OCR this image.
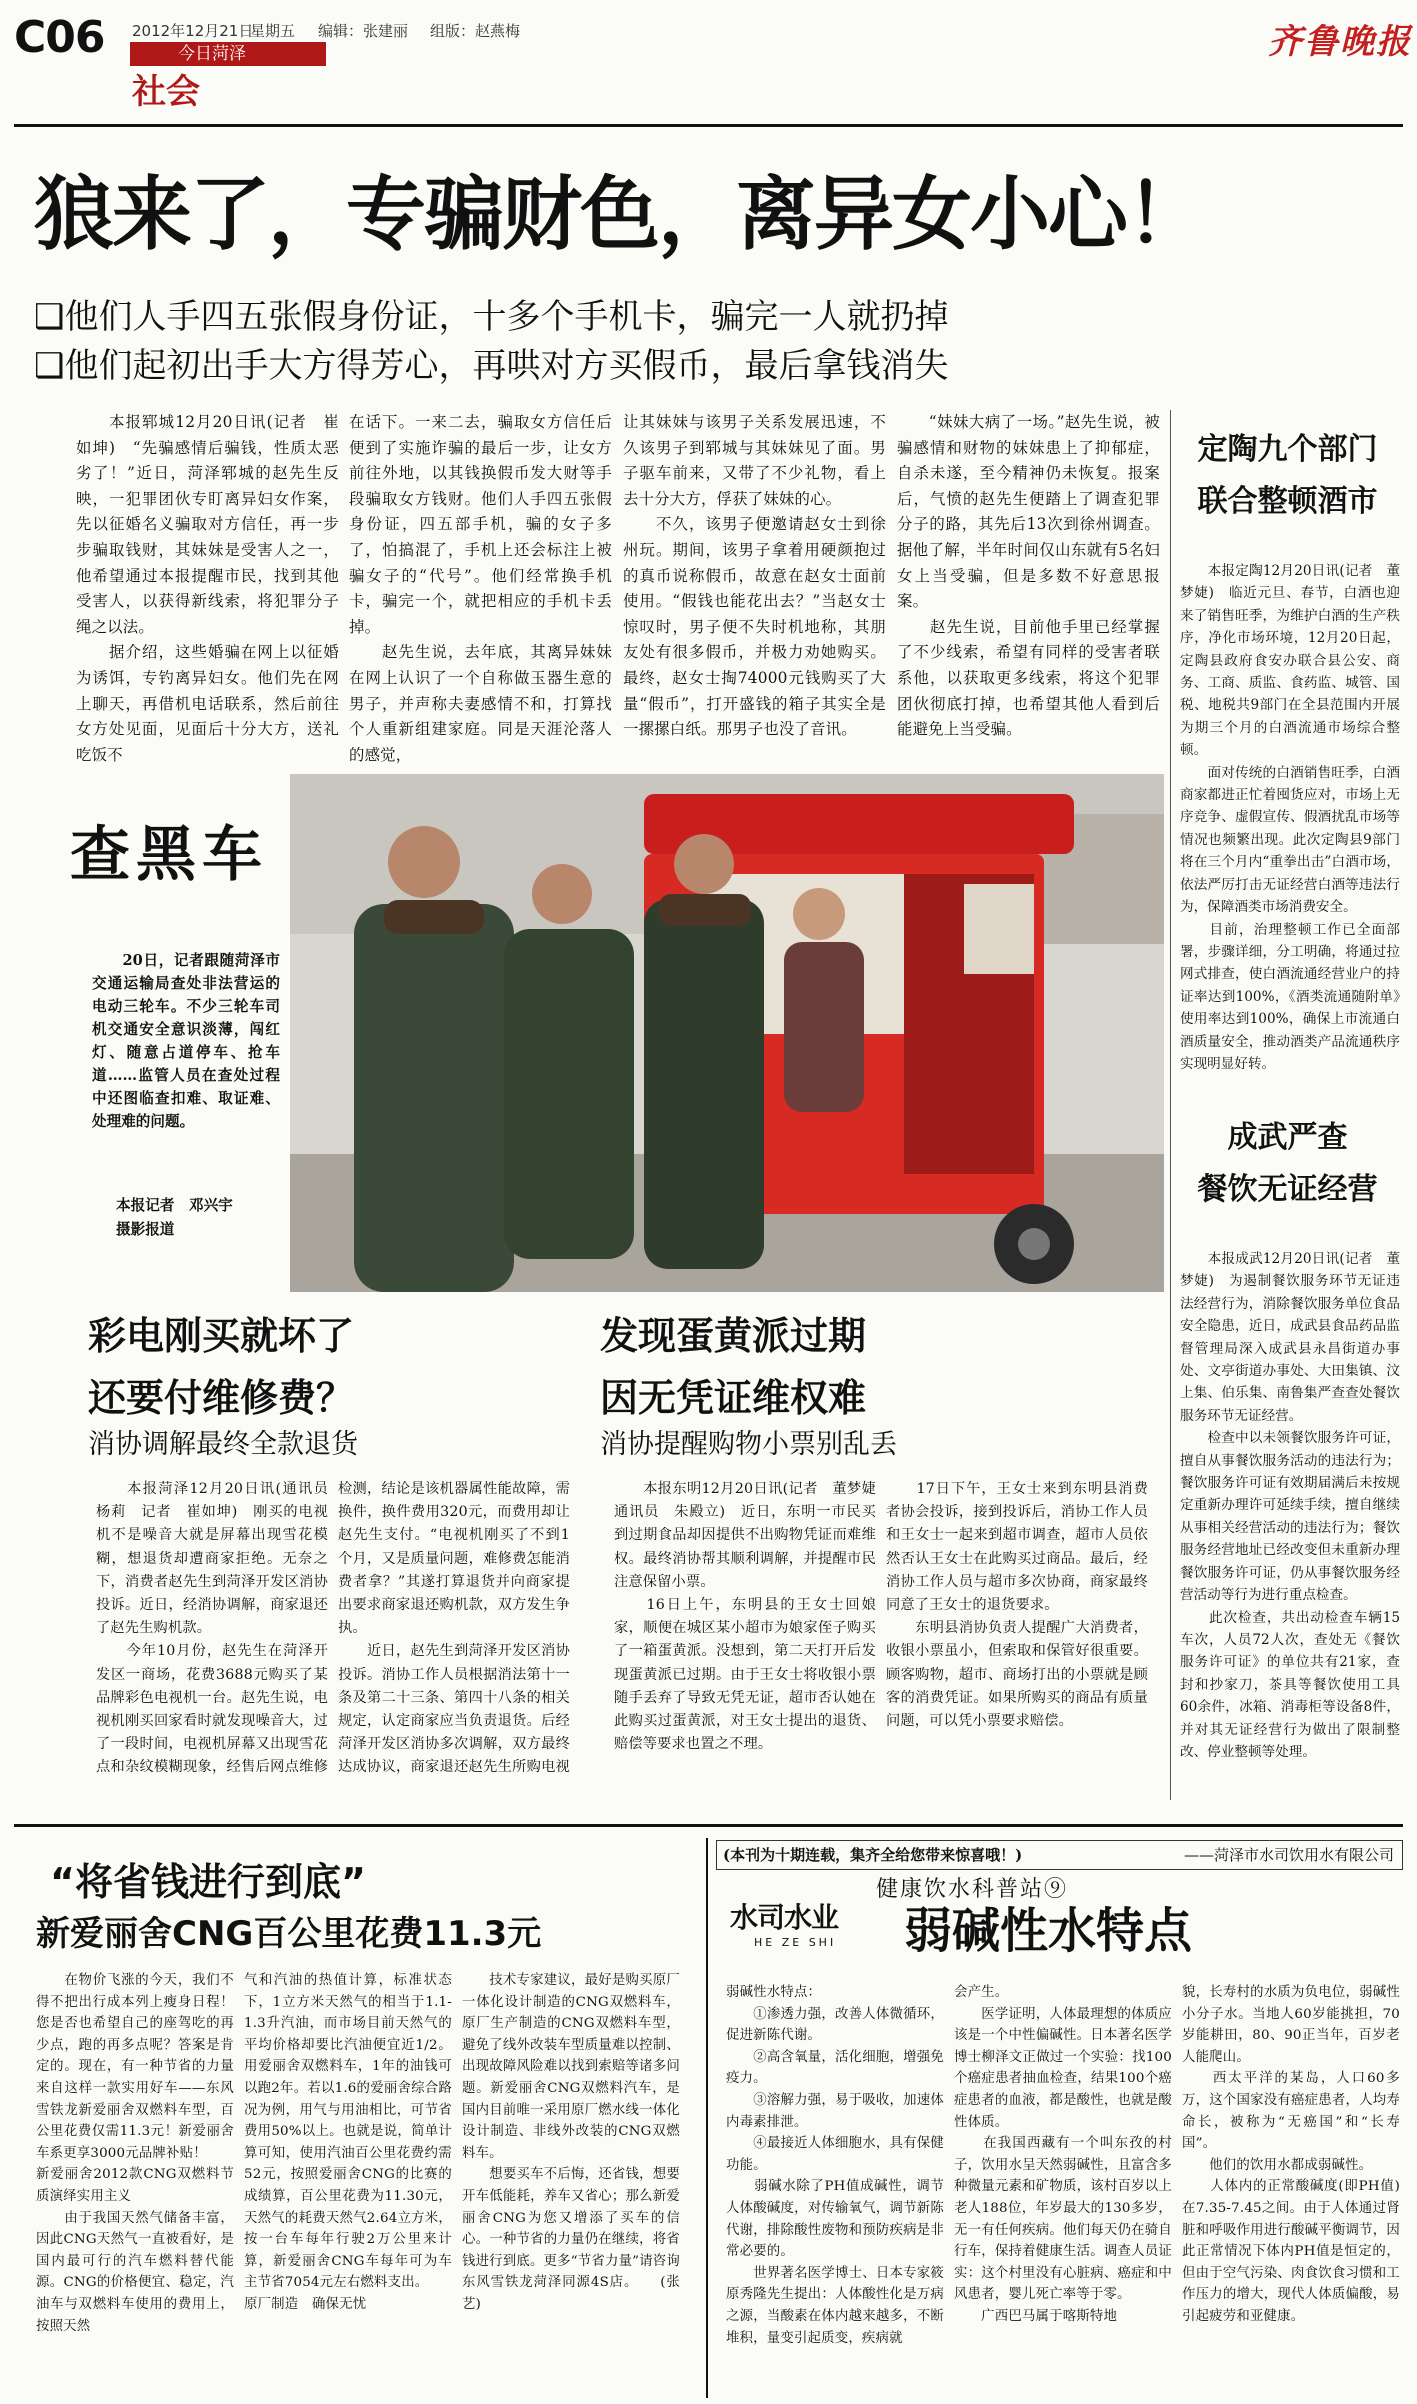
C06 2012年12月21日
星期五 编辑：张建丽 组版：赵燕梅
今日菏泽
社会
齐鲁晚报
狼来了，专骗财色，离异女小心！
❑他们人手四五张假身份证，十多个手机卡，骗完一人就扔掉
❑他们起初出手大方得芳心，再哄对方买假币，最后拿钱消失
　　本报郓城12月20日讯(记者　崔如坤)　“先骗感情后骗钱，性质太恶劣了！”近日，菏泽郓城的赵先生反映，一犯罪团伙专盯离异妇女作案，先以征婚名义骗取对方信任，再一步步骗取钱财，其妹妹是受害人之一，他希望通过本报提醒市民，找到其他受害人，以获得新线索，将犯罪分子绳之以法。
　　据介绍，这些婚骗在网上以征婚为诱饵，专钓离异妇女。他们先在网上聊天，再借机电话联系，然后前往女方处见面，见面后十分大方，送礼吃饭不
在话下。一来二去，骗取女方信任后便到了实施诈骗的最后一步，让女方前往外地，以其钱换假币发大财等手段骗取女方钱财。他们人手四五张假身份证，四五部手机，骗的女子多了，怕搞混了，手机上还会标注上被骗女子的“代号”。他们经常换手机卡，骗完一个，就把相应的手机卡丢掉。
　　赵先生说，去年底，其离异妹妹在网上认识了一个自称做玉器生意的男子，并声称夫妻感情不和，打算找个人重新组建家庭。同是天涯沦落人的感觉，
让其妹妹与该男子关系发展迅速，不久该男子到郓城与其妹妹见了面。男子驱车前来，又带了不少礼物，看上去十分大方，俘获了妹妹的心。
　　不久，该男子便邀请赵女士到徐州玩。期间，该男子拿着用硬颜抱过的真币说称假币，故意在赵女士面前使用。“假钱也能花出去？”当赵女士惊叹时，男子便不失时机地称，其朋友处有很多假币，并极力劝她购买。最终，赵女士掏74000元钱购买了大量“假币”，打开盛钱的箱子其实全是一摞摞白纸。那男子也没了音讯。
　　“妹妹大病了一场。”赵先生说，被骗感情和财物的妹妹患上了抑郁症，自杀未遂，至今精神仍未恢复。报案后，气愤的赵先生便踏上了调查犯罪分子的路，其先后13次到徐州调查。据他了解，半年时间仅山东就有5名妇女上当受骗，但是多数不好意思报案。
　　赵先生说，目前他手里已经掌握了不少线索，希望有同样的受害者联系他，以获取更多线索，将这个犯罪团伙彻底打掉，也希望其他人看到后能避免上当受骗。
定陶九个部门
联合整顿酒市
　　本报定陶12月20日讯(记者　董梦婕)　临近元旦、春节，白酒也迎来了销售旺季，为维护白酒的生产秩序，净化市场环境，12月20日起，定陶县政府食安办联合县公安、商务、工商、质监、食药监、城管、国税、地税共9部门在全县范围内开展为期三个月的白酒流通市场综合整顿。
　　面对传统的白酒销售旺季，白酒商家都进正忙着囤货应对，市场上无序竞争、虚假宣传、假酒扰乱市场等情况也频繁出现。此次定陶县9部门将在三个月内“重拳出击”白酒市场，依法严厉打击无证经营白酒等违法行为，保障酒类市场消费安全。
　　目前，治理整顿工作已全面部署，步骤详细，分工明确，将通过拉网式排查，使白酒流通经营业户的持证率达到100%，《酒类流通随附单》使用率达到100%，确保上市流通白酒质量安全，推动酒类产品流通秩序实现明显好转。
成武严查
餐饮无证经营
　　本报成武12月20日讯(记者　董梦婕)　为遏制餐饮服务环节无证违法经营行为，消除餐饮服务单位食品安全隐患，近日，成武县食品药品监督管理局深入成武县永昌街道办事处、文亭街道办事处、大田集镇、汶上集、伯乐集、南鲁集严查查处餐饮服务环节无证经营。
　　检查中以未领餐饮服务许可证，擅自从事餐饮服务活动的违法行为；餐饮服务许可证有效期届满后未按规定重新办理许可延续手续，擅自继续从事相关经营活动的违法行为；餐饮服务经营地址已经改变但未重新办理餐饮服务许可证，仍从事餐饮服务经营活动等行为进行重点检查。
　　此次检查，共出动检查车辆15车次，人员72人次，查处无《餐饮服务许可证》的单位共有21家，查封和抄家刀，茶具等餐饮使用工具60余件，冰箱、消毒柜等设备8件，并对其无证经营行为做出了限制整改、停业整顿等处理。
查黑车
　　20日，记者跟随菏泽市交通运输局查处非法营运的电动三轮车。不少三轮车司机交通安全意识淡薄，闯红灯、随意占道停车、抢车道……监管人员在查处过程中还图临查扣难、取证难、处理难的问题。
本报记者　邓兴宇
摄影报道
彩电刚买就坏了
还要付维修费？
消协调解最终全款退货
　　本报菏泽12月20日讯(通讯员　杨莉　记者　崔如坤)　刚买的电视机不是噪音大就是屏幕出现雪花模糊，想退货却遭商家拒绝。无奈之下，消费者赵先生到菏泽开发区消协投诉。近日，经消协调解，商家退还了赵先生购机款。
　　今年10月份，赵先生在菏泽开发区一商场，花费3688元购买了某品牌彩色电视机一台。赵先生说，电视机刚买回家看时就发现噪音大，过了一段时间，电视机屏幕又出现雪花点和杂纹模糊现象，经售后网点维修
检测，结论是该机器属性能故障，需换件，换件费用320元，而费用却让赵先生支付。“电视机刚买了不到1个月，又是质量问题，难修费怎能消费者拿？”其遂打算退货并向商家提出要求商家退还购机款，双方发生争执。
　　近日，赵先生到菏泽开发区消协投诉。消协工作人员根据消法第十一条及第二十三条、第四十八条的相关规定，认定商家应当负责退货。后经菏泽开发区消协多次调解，双方最终达成协议，商家退还赵先生所购电视
发现蛋黄派过期
因无凭证维权难
消协提醒购物小票别乱丢
　　本报东明12月20日讯(记者　董梦婕　通讯员　朱殿立)　近日，东明一市民买到过期食品却因提供不出购物凭证而难维权。最终消协帮其顺利调解，并提醒市民注意保留小票。
　　16日上午，东明县的王女士回娘家，顺便在城区某小超市为娘家侄子购买了一箱蛋黄派。没想到，第二天打开后发现蛋黄派已过期。由于王女士将收银小票随手丢弃了导致无凭无证，超市否认她在此购买过蛋黄派，对王女士提出的退货、赔偿等要求也置之不理。
　　17日下午，王女士来到东明县消费者协会投诉，接到投诉后，消协工作人员和王女士一起来到超市调查，超市人员依然否认王女士在此购买过商品。最后，经消协工作人员与超市多次协商，商家最终同意了王女士的退货要求。
　　东明县消协负责人提醒广大消费者，收银小票虽小，但索取和保管好很重要。顾客购物，超市、商场打出的小票就是顾客的消费凭证。如果所购买的商品有质量问题，可以凭小票要求赔偿。
“将省钱进行到底”
新爱丽舍CNG百公里花费11.3元
　　在物价飞涨的今天，我们不得不把出行成本列上瘦身日程！您是否也希望自己的座驾吃的再少点，跑的再多点呢？答案是肯定的。现在，有一种节省的力量来自这样一款实用好车——东风雪铁龙新爱丽舍双燃料车型，百公里花费仅需11.3元！新爱丽舍车系更享3000元品牌补贴！
新爱丽舍2012款CNG双燃料节质演绎实用主义
　　由于我国天然气储备丰富，因此CNG天然气一直被看好，是国内最可行的汽车燃料替代能源。CNG的价格便宜、稳定，汽油车与双燃料车使用的费用上，按照天然
气和汽油的热值计算，标准状态下，1立方米天然气的相当于1.1-1.3升汽油，而市场目前天然气的平均价格却要比汽油便宜近1/2。用爱丽舍双燃料车，1年的油钱可以跑2年。若以1.6的爱丽舍综合路况为例，用气与用油相比，可节省费用50%以上。也就是说，简单计算可知，使用汽油百公里花费约需52元，按照爱丽舍CNG的比赛的成绩算，百公里花费为11.30元，天然气的耗费天然气2.64立方米，按一台车每年行驶2万公里来计算，新爱丽舍CNG车每年可为车主节省7054元左右燃料支出。
原厂制造　确保无忧
　　技术专家建议，最好是购买原厂一体化设计制造的CNG双燃料车，原厂生产制造的CNG双燃料车型，避免了线外改装车型质量难以控制、出现故障风险难以找到索赔等诸多问题。新爱丽舍CNG双燃料汽车，是国内目前唯一采用原厂燃水线一体化设计制造、非线外改装的CNG双燃料车。
　　想要买车不后悔，还省钱，想要开车低能耗，养车又省心；那么新爱丽舍CNG为您又增添了买车的信心。一种节省的力量仍在继续，将省钱进行到底。更多“节省力量”请咨询东风雪铁龙菏泽同源4S店。　　(张艺)
(本刊为十期连载，集齐全给您带来惊喜哦！)	——菏泽市水司饮用水有限公司
健康饮水科普站⑨
水司水业
HE ZE SHI 弱碱性水特点
弱碱性水特点：
　　①渗透力强，改善人体微循环，促进新陈代谢。
　　②高含氧量，活化细胞，增强免疫力。
　　③溶解力强，易于吸收，加速体内毒素排泄。
　　④最接近人体细胞水，具有保健功能。
　　弱碱水除了PH值成碱性，调节人体酸碱度，对传输氧气，调节新陈代谢，排除酸性废物和预防疾病是非常必要的。
　　世界著名医学博士、日本专家筱原秀隆先生提出：人体酸性化是万病之源，当酸素在体内越来越多，不断堆积，量变引起质变，疾病就
会产生。
　　医学证明，人体最理想的体质应该是一个中性偏碱性。日本著名医学博士柳泽文正做过一个实验：找100个癌症患者抽血检查，结果100个癌症患者的血液，都是酸性，也就是酸性体质。
　　在我国西藏有一个叫东孜的村子，饮用水呈天然弱碱性，且富含多种微量元素和矿物质，该村百岁以上老人188位，年岁最大的130多岁，无一有任何疾病。他们每天仍在骑自行车，保持着健康生活。调查人员证实：这个村里没有心脏病、癌症和中风患者，婴儿死亡率等于零。
　　广西巴马属于喀斯特地
貌，长寿村的水质为负电位，弱碱性小分子水。当地人60岁能挑担，70岁能耕田，80、90正当年，百岁老人能爬山。
　　西太平洋的某岛，人口60多万，这个国家没有癌症患者，人均寿命长，被称为“无癌国”和“长寿国”。
　　他们的饮用水都成弱碱性。
　　人体内的正常酸碱度(即PH值)在7.35-7.45之间。由于人体通过肾脏和呼吸作用进行酸碱平衡调节，因此正常情况下体内PH值是恒定的，但由于空气污染、肉食饮食习惯和工作压力的增大，现代人体质偏酸，易引起疲劳和亚健康。
